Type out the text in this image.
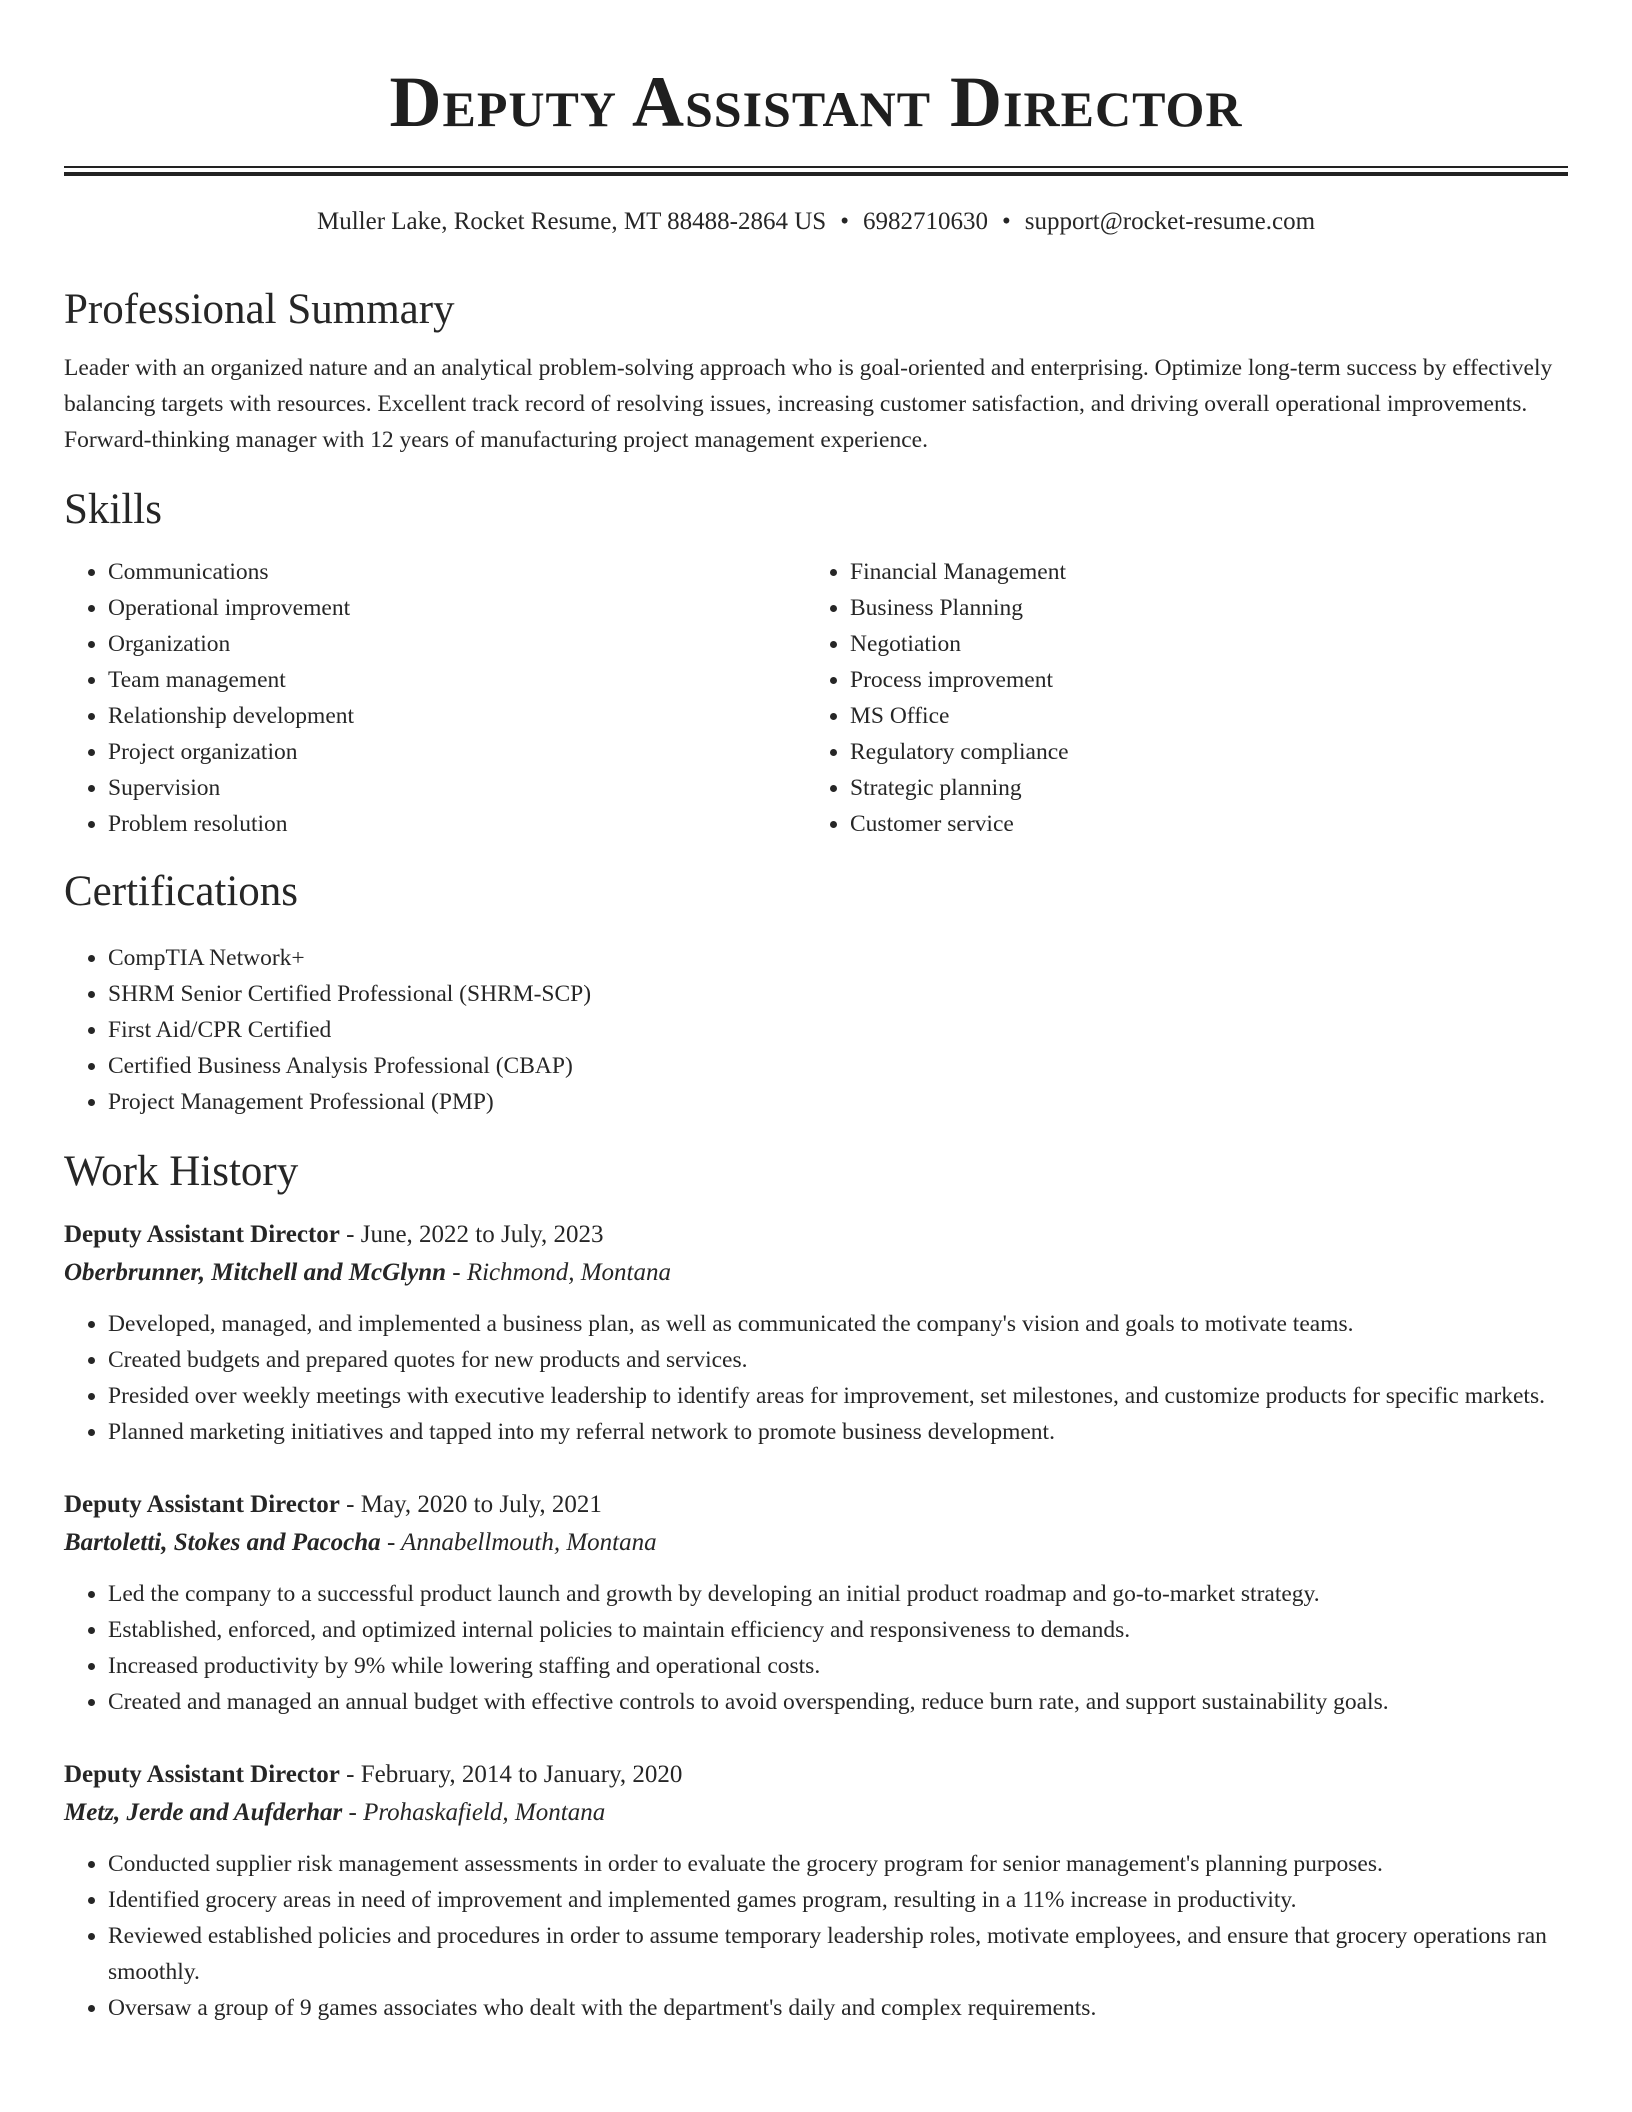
Deputy Assistant Director
Muller Lake, Rocket Resume, MT 88488-2864 US • 6982710630 • support@rocket-resume.com
Professional Summary

Leader with an organized nature and an analytical problem-solving approach who is goal-oriented and enterprising. Optimize long-term success by effectively balancing targets with resources. Excellent track record of resolving issues, increasing customer satisfaction, and driving overall operational improvements. Forward-thinking manager with 12 years of manufacturing project management experience.

Skills
• Communications
• Operational improvement
• Organization
• Team management
• Relationship development
• Project organization
• Supervision
• Problem resolution
• Financial Management
• Business Planning
• Negotiation
• Process improvement
• MS Office
• Regulatory compliance
• Strategic planning
• Customer service
Certifications
• CompTIA Network+
• SHRM Senior Certified Professional (SHRM-SCP)
• First Aid/CPR Certified
• Certified Business Analysis Professional (CBAP)
• Project Management Professional (PMP)
Work History
Deputy Assistant Director - June, 2022 to July, 2023
Oberbrunner, Mitchell and McGlynn - Richmond, Montana
• Developed, managed, and implemented a business plan, as well as communicated the company's vision and goals to motivate teams.
• Created budgets and prepared quotes for new products and services.
• Presided over weekly meetings with executive leadership to identify areas for improvement, set milestones, and customize products for specific markets.
• Planned marketing initiatives and tapped into my referral network to promote business development.
Deputy Assistant Director - May, 2020 to July, 2021
Bartoletti, Stokes and Pacocha - Annabellmouth, Montana
• Led the company to a successful product launch and growth by developing an initial product roadmap and go-to-market strategy.
• Established, enforced, and optimized internal policies to maintain efficiency and responsiveness to demands.
• Increased productivity by 9% while lowering staffing and operational costs.
• Created and managed an annual budget with effective controls to avoid overspending, reduce burn rate, and support sustainability goals.
Deputy Assistant Director - February, 2014 to January, 2020
Metz, Jerde and Aufderhar - Prohaskafield, Montana
• Conducted supplier risk management assessments in order to evaluate the grocery program for senior management's planning purposes.
• Identified grocery areas in need of improvement and implemented games program, resulting in a 11% increase in productivity.
• Reviewed established policies and procedures in order to assume temporary leadership roles, motivate employees, and ensure that grocery operations ran smoothly.
• Oversaw a group of 9 games associates who dealt with the department's daily and complex requirements.
